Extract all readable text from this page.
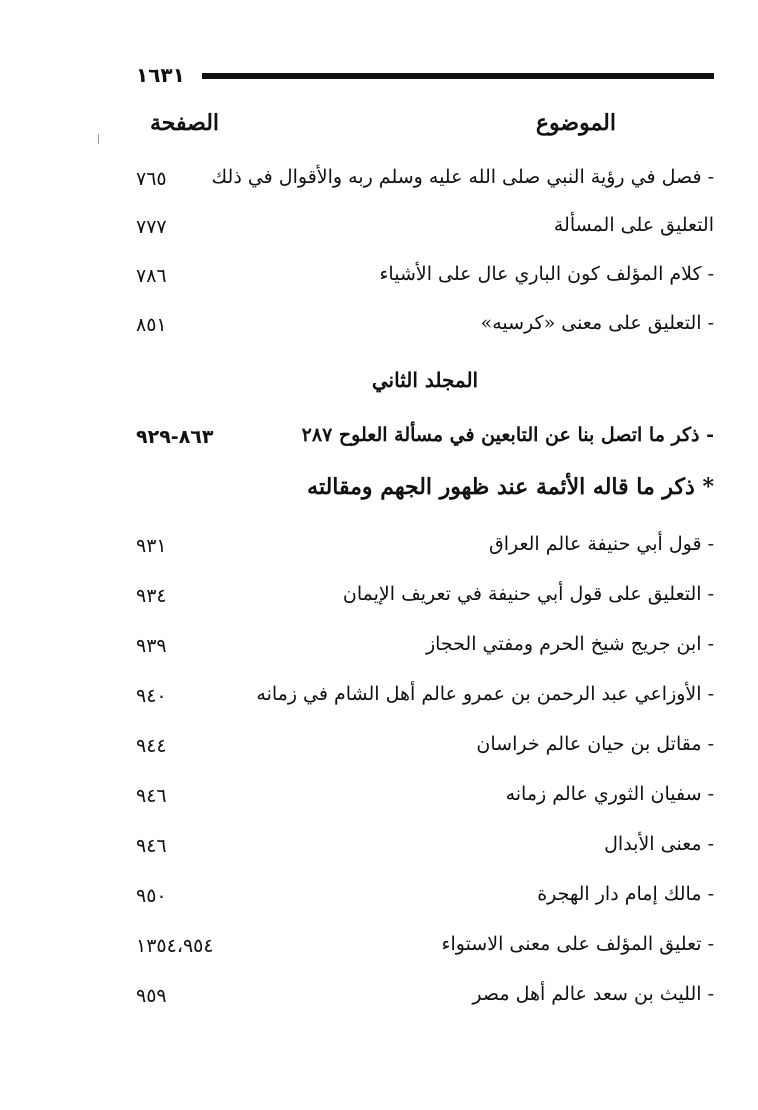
١٦٣١
الصفحة	الموضوع
- فصل في رؤية النبي صلى الله عليه وسلم ربه والأقوال في ذلك
٧٦٥
التعليق على المسألة
٧٧٧
- كلام المؤلف كون الباري عال على الأشياء
٧٨٦
- التعليق على معنى «كرسيه»
٨٥١
المجلد الثاني
- ذكر ما اتصل بنا عن التابعين في مسألة العلوح ٢٨٧
٨٦٣-٩٢٩
* ذكر ما قاله الأئمة عند ظهور الجهم ومقالته
- قول أبي حنيفة عالم العراق
٩٣١
- التعليق على قول أبي حنيفة في تعريف الإيمان
٩٣٤
- ابن جريج شيخ الحرم ومفتي الحجاز
٩٣٩
- الأوزاعي عبد الرحمن بن عمرو عالم أهل الشام في زمانه
٩٤٠
- مقاتل بن حيان عالم خراسان
٩٤٤
- سفيان الثوري عالم زمانه
٩٤٦
- معنى الأبدال
٩٤٦
- مالك إمام دار الهجرة
٩٥٠
- تعليق المؤلف على معنى الاستواء
١٣٥٤،٩٥٤
- الليث بن سعد عالم أهل مصر
٩٥٩
